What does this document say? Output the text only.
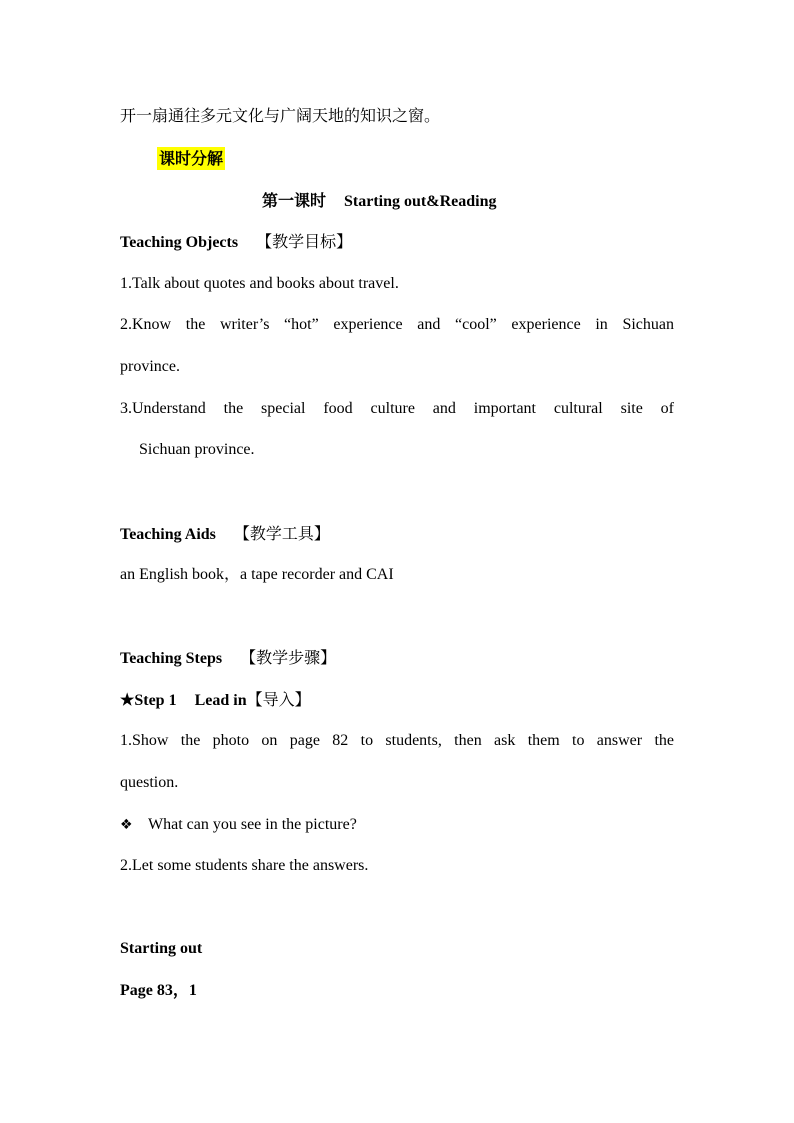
开一扇通往多元文化与广阔天地的知识之窗。
课时分解
第一课时 Starting out&Reading
Teaching Objects 【教学目标】
1.Talk about quotes and books about travel.
2.Know the writer’s “hot” experience and “cool” experience in Sichuan
province.
3.Understand the special food culture and important cultural site of
Sichuan province.
Teaching Aids 【教学工具】
an English book，a tape recorder and CAI
Teaching Steps 【教学步骤】
★Step 1 Lead in【导入】
1.Show the photo on page 82 to students, then ask them to answer the
question.
❖ What can you see in the picture?
2.Let some students share the answers.
Starting out
Page 83，1
